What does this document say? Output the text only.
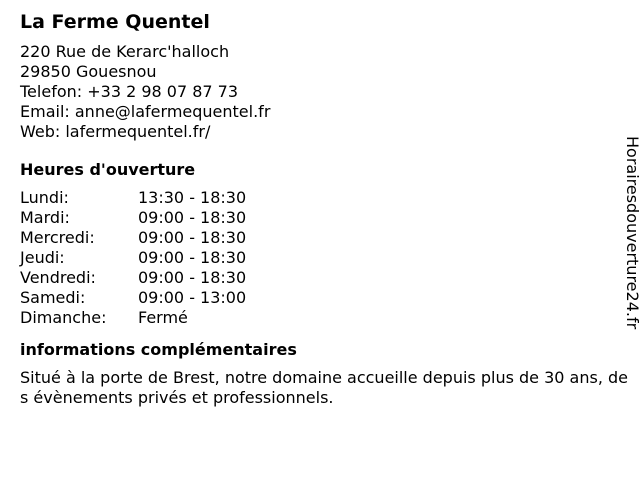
La Ferme Quentel
220 Rue de Kerarc'halloch
29850 Gouesnou
Telefon: +33 2 98 07 87 73
Email: anne@lafermequentel.fr
Web: lafermequentel.fr/
Heures d'ouverture
Lundi:	13:30 - 18:30
Mardi:	09:00 - 18:30
Mercredi:	09:00 - 18:30
Jeudi:	09:00 - 18:30
Vendredi:	09:00 - 18:30
Samedi:	09:00 - 13:00
Dimanche:	Fermé
informations complémentaires
Situé à la porte de Brest, notre domaine accueille depuis plus de 30 ans, des évènements privés et professionnels.
Horairesdouverture24.fr
